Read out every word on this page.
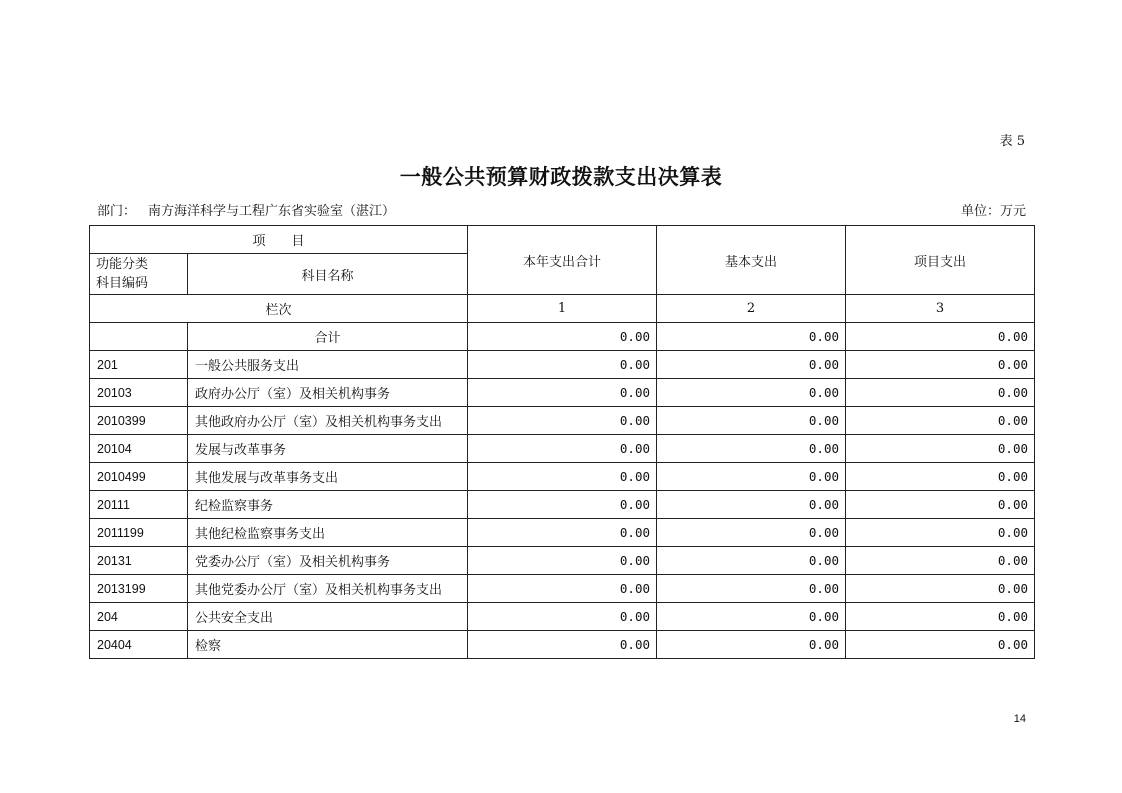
表 5
一般公共预算财政拨款支出决算表
部门： 南方海洋科学与工程广东省实验室（湛江）	单位：万元
项　　目		本年支出合计	基本支出	项目支出
功能分类
科目编码	科目名称			
栏次		1	2	3
	合计	0.00	0.00	0.00
201	一般公共服务支出	0.00	0.00	0.00
20103	政府办公厅（室）及相关机构事务	0.00	0.00	0.00
2010399	其他政府办公厅（室）及相关机构事务支出	0.00	0.00	0.00
20104	发展与改革事务	0.00	0.00	0.00
2010499	其他发展与改革事务支出	0.00	0.00	0.00
20111	纪检监察事务	0.00	0.00	0.00
2011199	其他纪检监察事务支出	0.00	0.00	0.00
20131	党委办公厅（室）及相关机构事务	0.00	0.00	0.00
2013199	其他党委办公厅（室）及相关机构事务支出	0.00	0.00	0.00
204	公共安全支出	0.00	0.00	0.00
20404	检察	0.00	0.00	0.00
14
